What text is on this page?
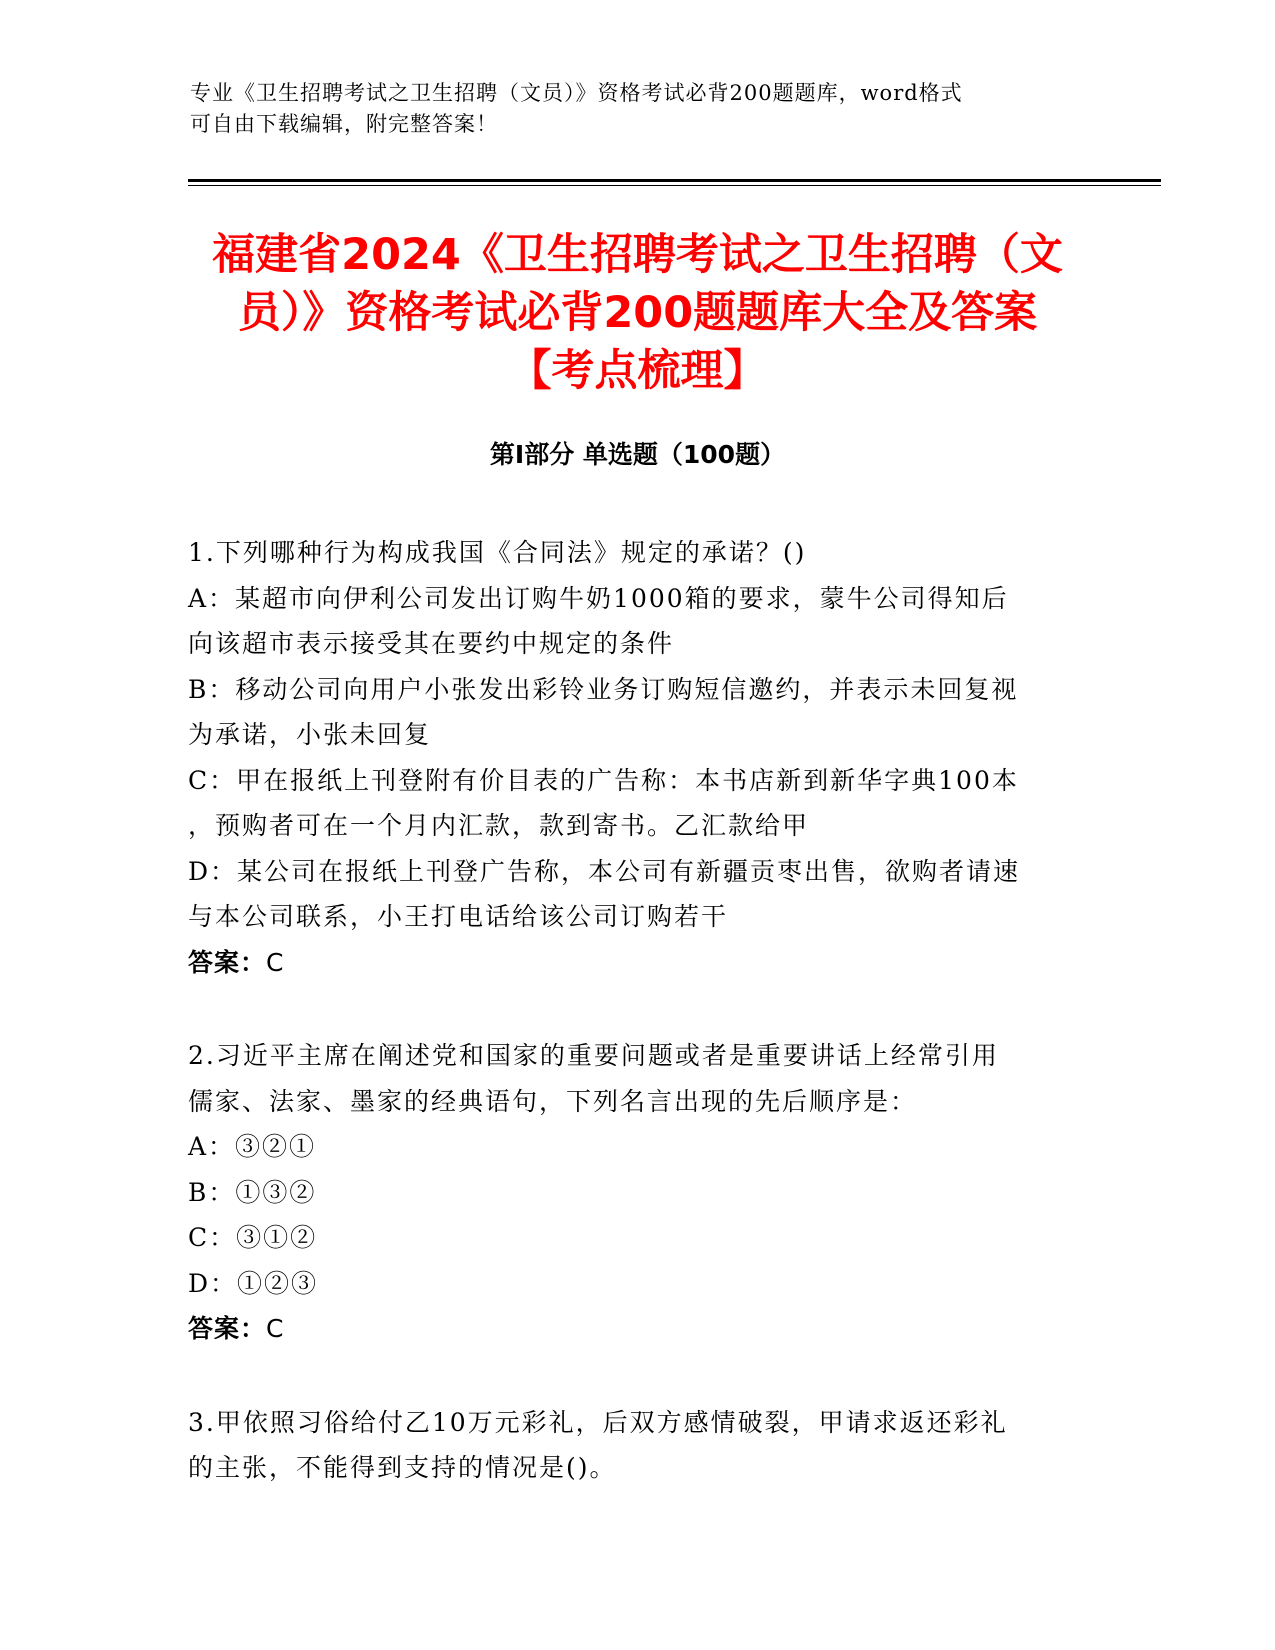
专业《卫生招聘考试之卫生招聘（文员）》资格考试必背200题题库，word格式
可自由下载编辑，附完整答案！
福建省2024《卫生招聘考试之卫生招聘（文
员）》资格考试必背200题题库大全及答案
【考点梳理】
第Ⅰ部分 单选题（100题）
1.下列哪种行为构成我国《合同法》规定的承诺？()
A：某超市向伊利公司发出订购牛奶1000箱的要求，蒙牛公司得知后
向该超市表示接受其在要约中规定的条件
B：移动公司向用户小张发出彩铃业务订购短信邀约，并表示未回复视
为承诺，小张未回复
C：甲在报纸上刊登附有价目表的广告称：本书店新到新华字典100本
，预购者可在一个月内汇款，款到寄书。乙汇款给甲
D：某公司在报纸上刊登广告称，本公司有新疆贡枣出售，欲购者请速
与本公司联系，小王打电话给该公司订购若干
答案：C
2.习近平主席在阐述党和国家的重要问题或者是重要讲话上经常引用
儒家、法家、墨家的经典语句，下列名言出现的先后顺序是：
A：③②①
B：①③②
C：③①②
D：①②③
答案：C
3.甲依照习俗给付乙10万元彩礼，后双方感情破裂，甲请求返还彩礼
的主张，不能得到支持的情况是()。
